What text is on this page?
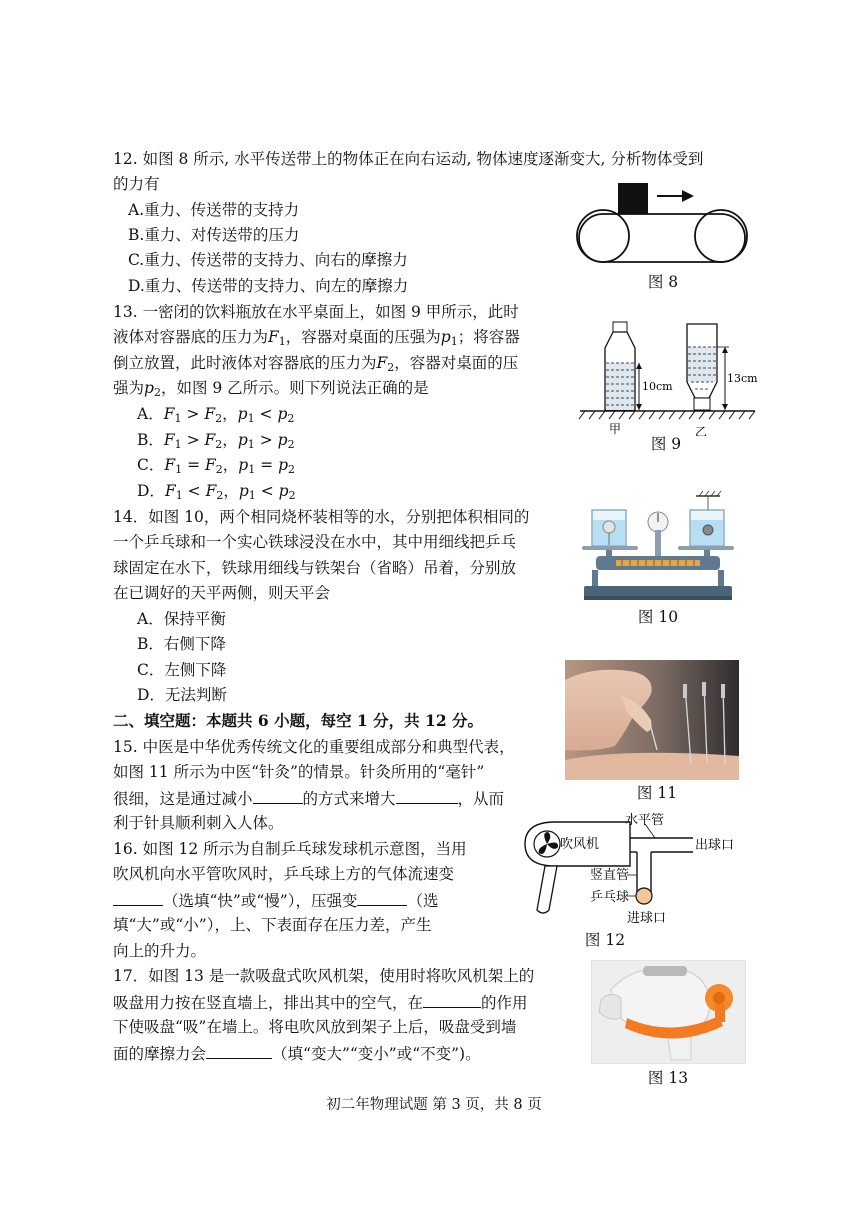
12. 如图 8 所示, 水平传送带上的物体正在向右运动, 物体速度逐渐变大, 分析物体受到
的力有
A.重力、传送带的支持力
B.重力、对传送带的压力
C.重力、传送带的支持力、向右的摩擦力
D.重力、传送带的支持力、向左的摩擦力	图 8
13. 一密闭的饮料瓶放在水平桌面上，如图 9 甲所示，此时
液体对容器底的压力为$F_1$，容器对桌面的压强为$p_1$；将容器
倒立放置，此时液体对容器底的压力为$F_2$，容器对桌面的压
强为$p_2$，如图 9 乙所示。则下列说法正确的是
A．$F_1 > F_2$，$p_1 < p_2$
B．$F_1 > F_2$，$p_1 > p_2$
C．$F_1 = F_2$，$p_1 = p_2$
D．$F_1 < F_2$，$p_1 < p_2$
10cm
13cm
甲	乙
图 9
14．如图 10，两个相同烧杯装相等的水，分别把体积相同的
一个乒乓球和一个实心铁球浸没在水中，其中用细线把乒乓
球固定在水下，铁球用细线与铁架台（省略）吊着，分别放
在已调好的天平两侧，则天平会
A．保持平衡
B．右侧下降
C．左侧下降
D．无法判断
图 10
二、填空题：本题共 6 小题，每空 1 分，共 12 分。
15. 中医是中华优秀传统文化的重要组成部分和典型代表，
如图 11 所示为中医“针灸”的情景。针灸所用的“毫针”
很细，这是通过减小	的方式来增大	，从而
利于针具顺利刺入人体。
图 11
16. 如图 12 所示为自制乒乓球发球机示意图，当用
吹风机向水平管吹风时，乒乓球上方的气体流速变
（选填“快”或“慢”），压强变	（选
填“大”或“小”），上、下表面存在压力差，产生
向上的升力。
水平管
吹风机	出球口
竖直管
乒乓球
进球口
图 12
17．如图 13 是一款吸盘式吹风机架，使用时将吹风机架上的
吸盘用力按在竖直墙上，排出其中的空气，在	的作用
下使吸盘“吸”在墙上。将电吹风放到架子上后，吸盘受到墙
面的摩擦力会	（填“变大”“变小”或“不变”)。
图 13
初二年物理试题 第 3 页，共 8 页
